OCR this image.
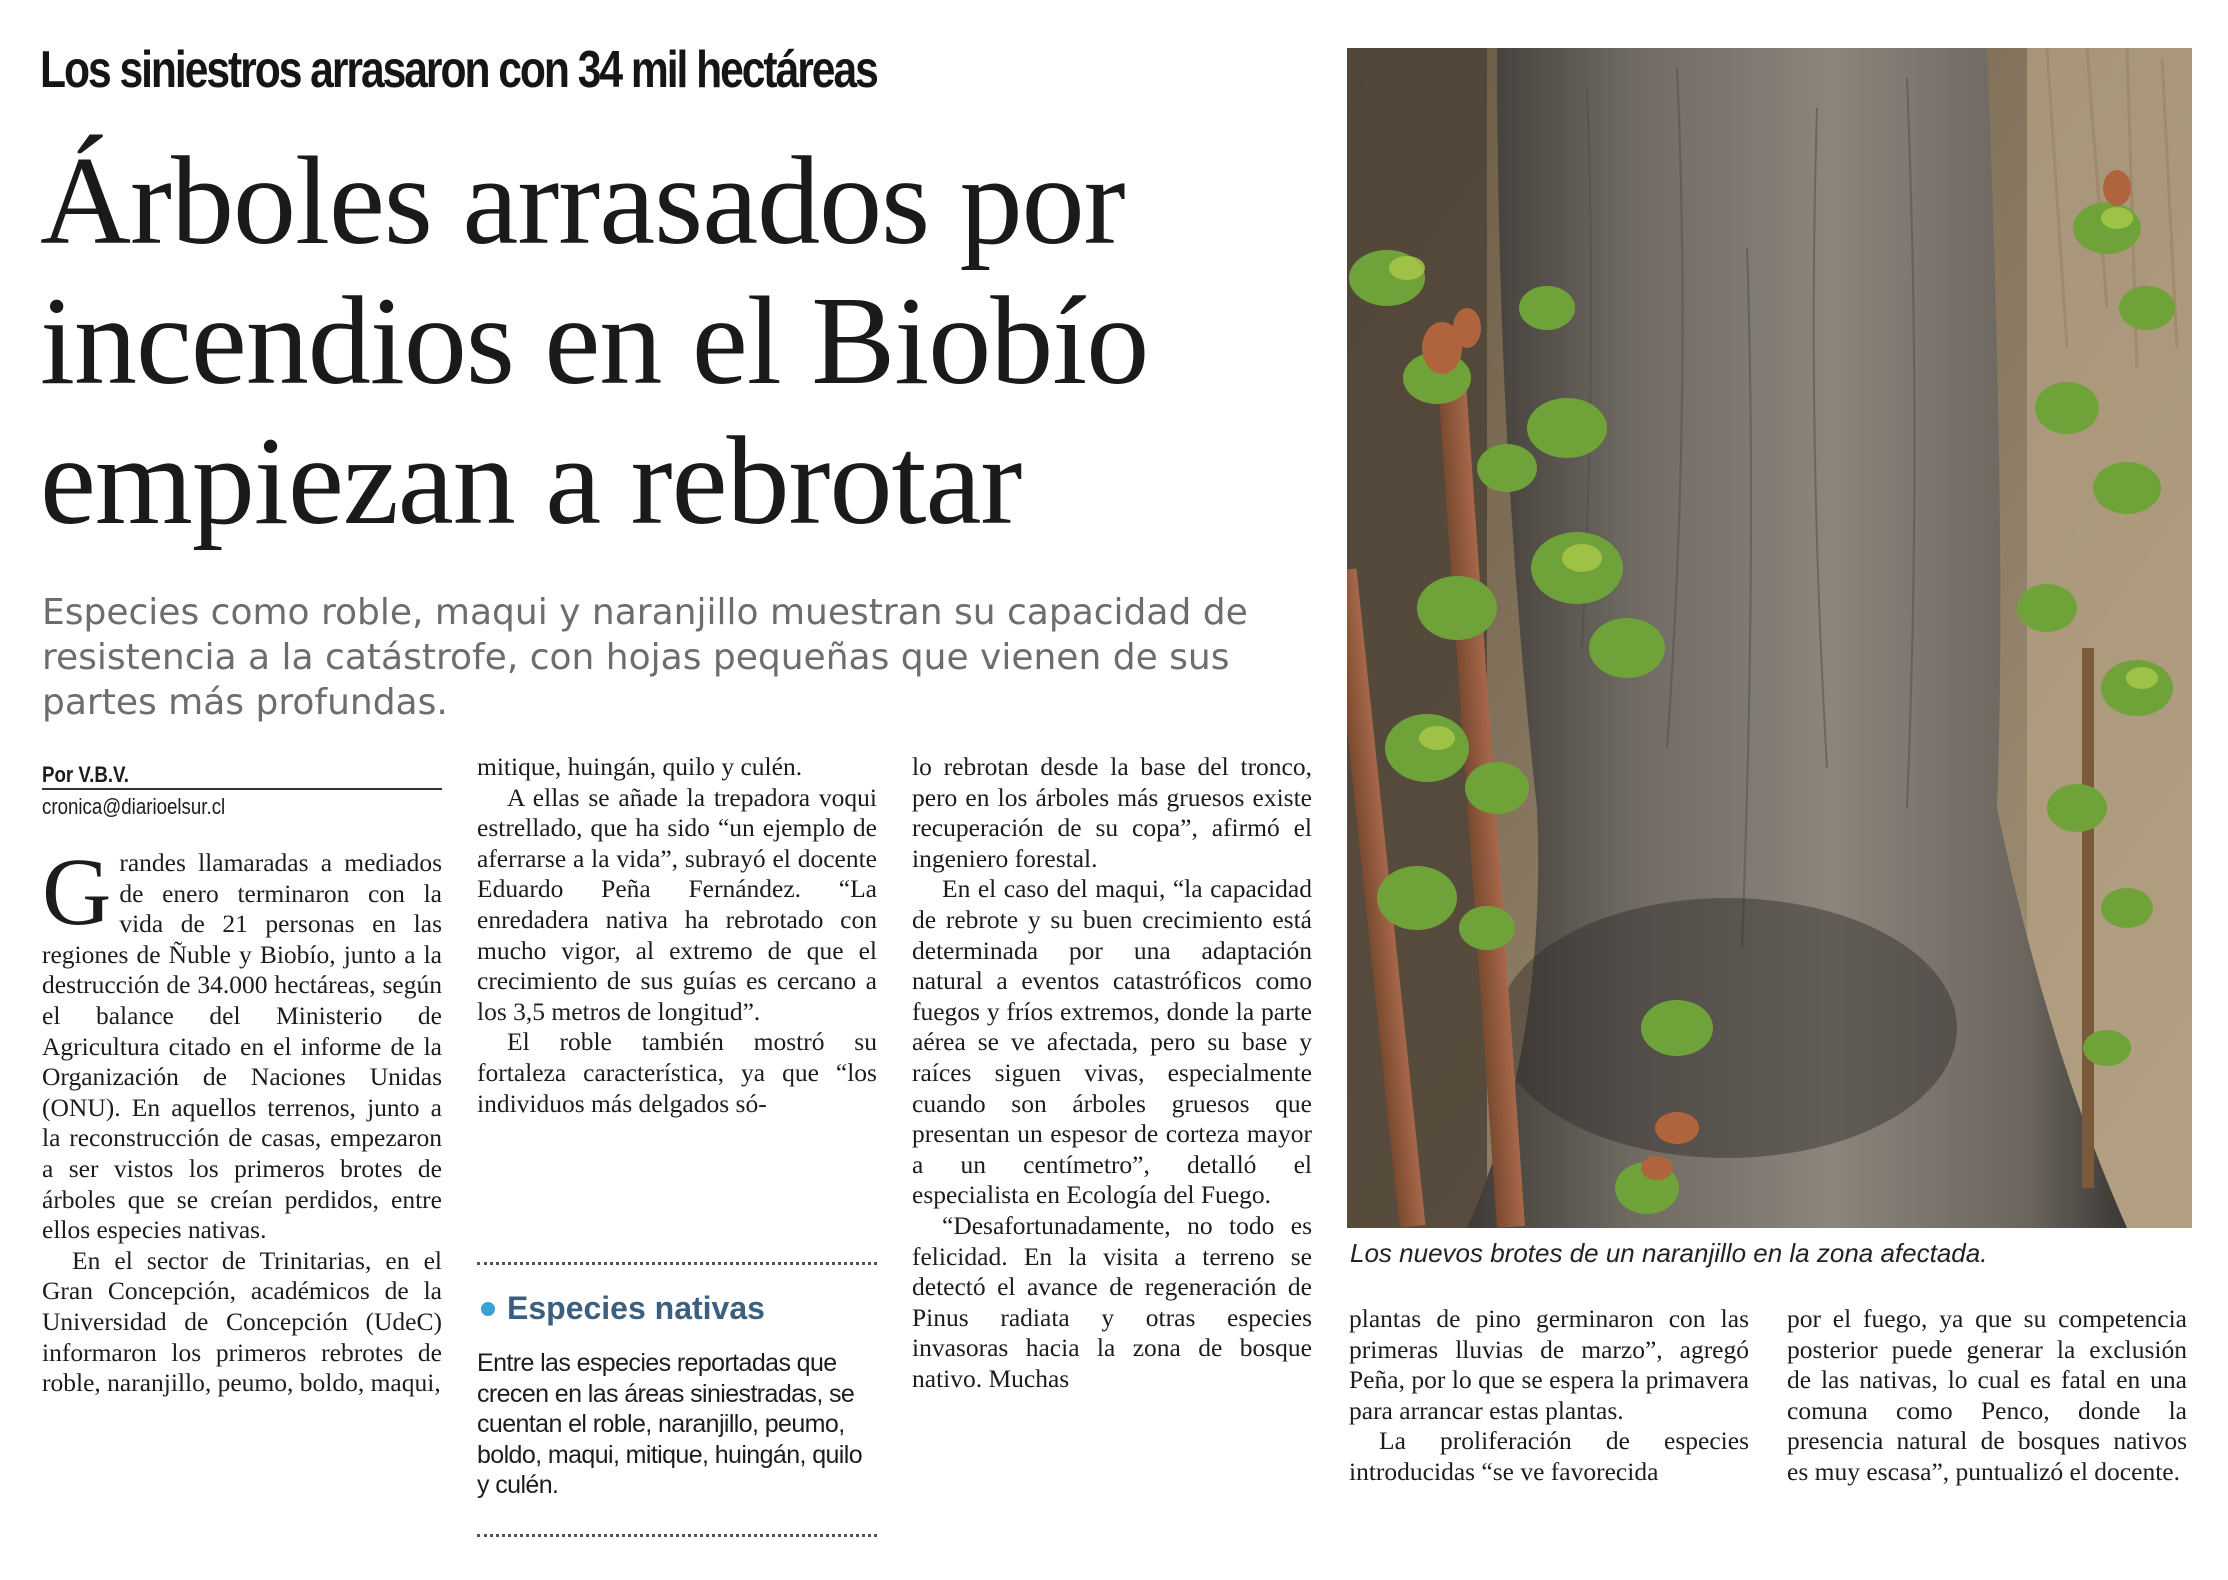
Los siniestros arrasaron con 34 mil hectáreas
Árboles arrasados por
incendios en el Biobío
empiezan a rebrotar

Especies como roble, maqui y naranjillo muestran su capacidad de resistencia a la catástrofe, con hojas pequeñas que vienen de sus partes más profundas.

Por V.B.V.
cronica@diarioelsur.cl

Grandes llamaradas a mediados de enero terminaron con la vida de 21 personas en las regiones de Ñuble y Biobío, junto a la destrucción de 34.000 hectáreas, según el balance del Ministerio de Agricultura citado en el informe de la Organización de Naciones Unidas (ONU). En aquellos terrenos, junto a la reconstrucción de casas, empezaron a ser vistos los primeros brotes de árboles que se creían perdidos, entre ellos especies nativas.

En el sector de Trinitarias, en el Gran Concepción, académicos de la Universidad de Concepción (UdeC) informaron los primeros rebrotes de roble, naranjillo, peumo, boldo, maqui,

mitique, huingán, quilo y culén.

A ellas se añade la trepadora voqui estrellado, que ha sido “un ejemplo de aferrarse a la vida”, subrayó el docente Eduardo Peña Fernández. “La enredadera nativa ha rebrotado con mucho vigor, al extremo de que el crecimiento de sus guías es cercano a los 3,5 metros de longitud”.

El roble también mostró su fortaleza característica, ya que “los individuos más delgados só-

Especies nativas
Entre las especies reportadas que crecen en las áreas siniestradas, se cuentan el roble, naranjillo, peumo, boldo, maqui, mitique, huingán, quilo y culén.

lo rebrotan desde la base del tronco, pero en los árboles más gruesos existe recuperación de su copa”, afirmó el ingeniero forestal.

En el caso del maqui, “la capacidad de rebrote y su buen crecimiento está determinada por una adaptación natural a eventos catastróficos como fuegos y fríos extremos, donde la parte aérea se ve afectada, pero su base y raíces siguen vivas, especialmente cuando son árboles gruesos que presentan un espesor de corteza mayor a un centímetro”, detalló el especialista en Ecología del Fuego.

“Desafortunadamente, no todo es felicidad. En la visita a terreno se detectó el avance de regeneración de Pinus radiata y otras especies invasoras hacia la zona de bosque nativo. Muchas

Los nuevos brotes de un naranjillo en la zona afectada.

plantas de pino germinaron con las primeras lluvias de marzo”, agregó Peña, por lo que se espera la primavera para arrancar estas plantas.

La proliferación de especies introducidas “se ve favorecida

por el fuego, ya que su competencia posterior puede generar la exclusión de las nativas, lo cual es fatal en una comuna como Penco, donde la presencia natural de bosques nativos es muy escasa”, puntualizó el docente.
